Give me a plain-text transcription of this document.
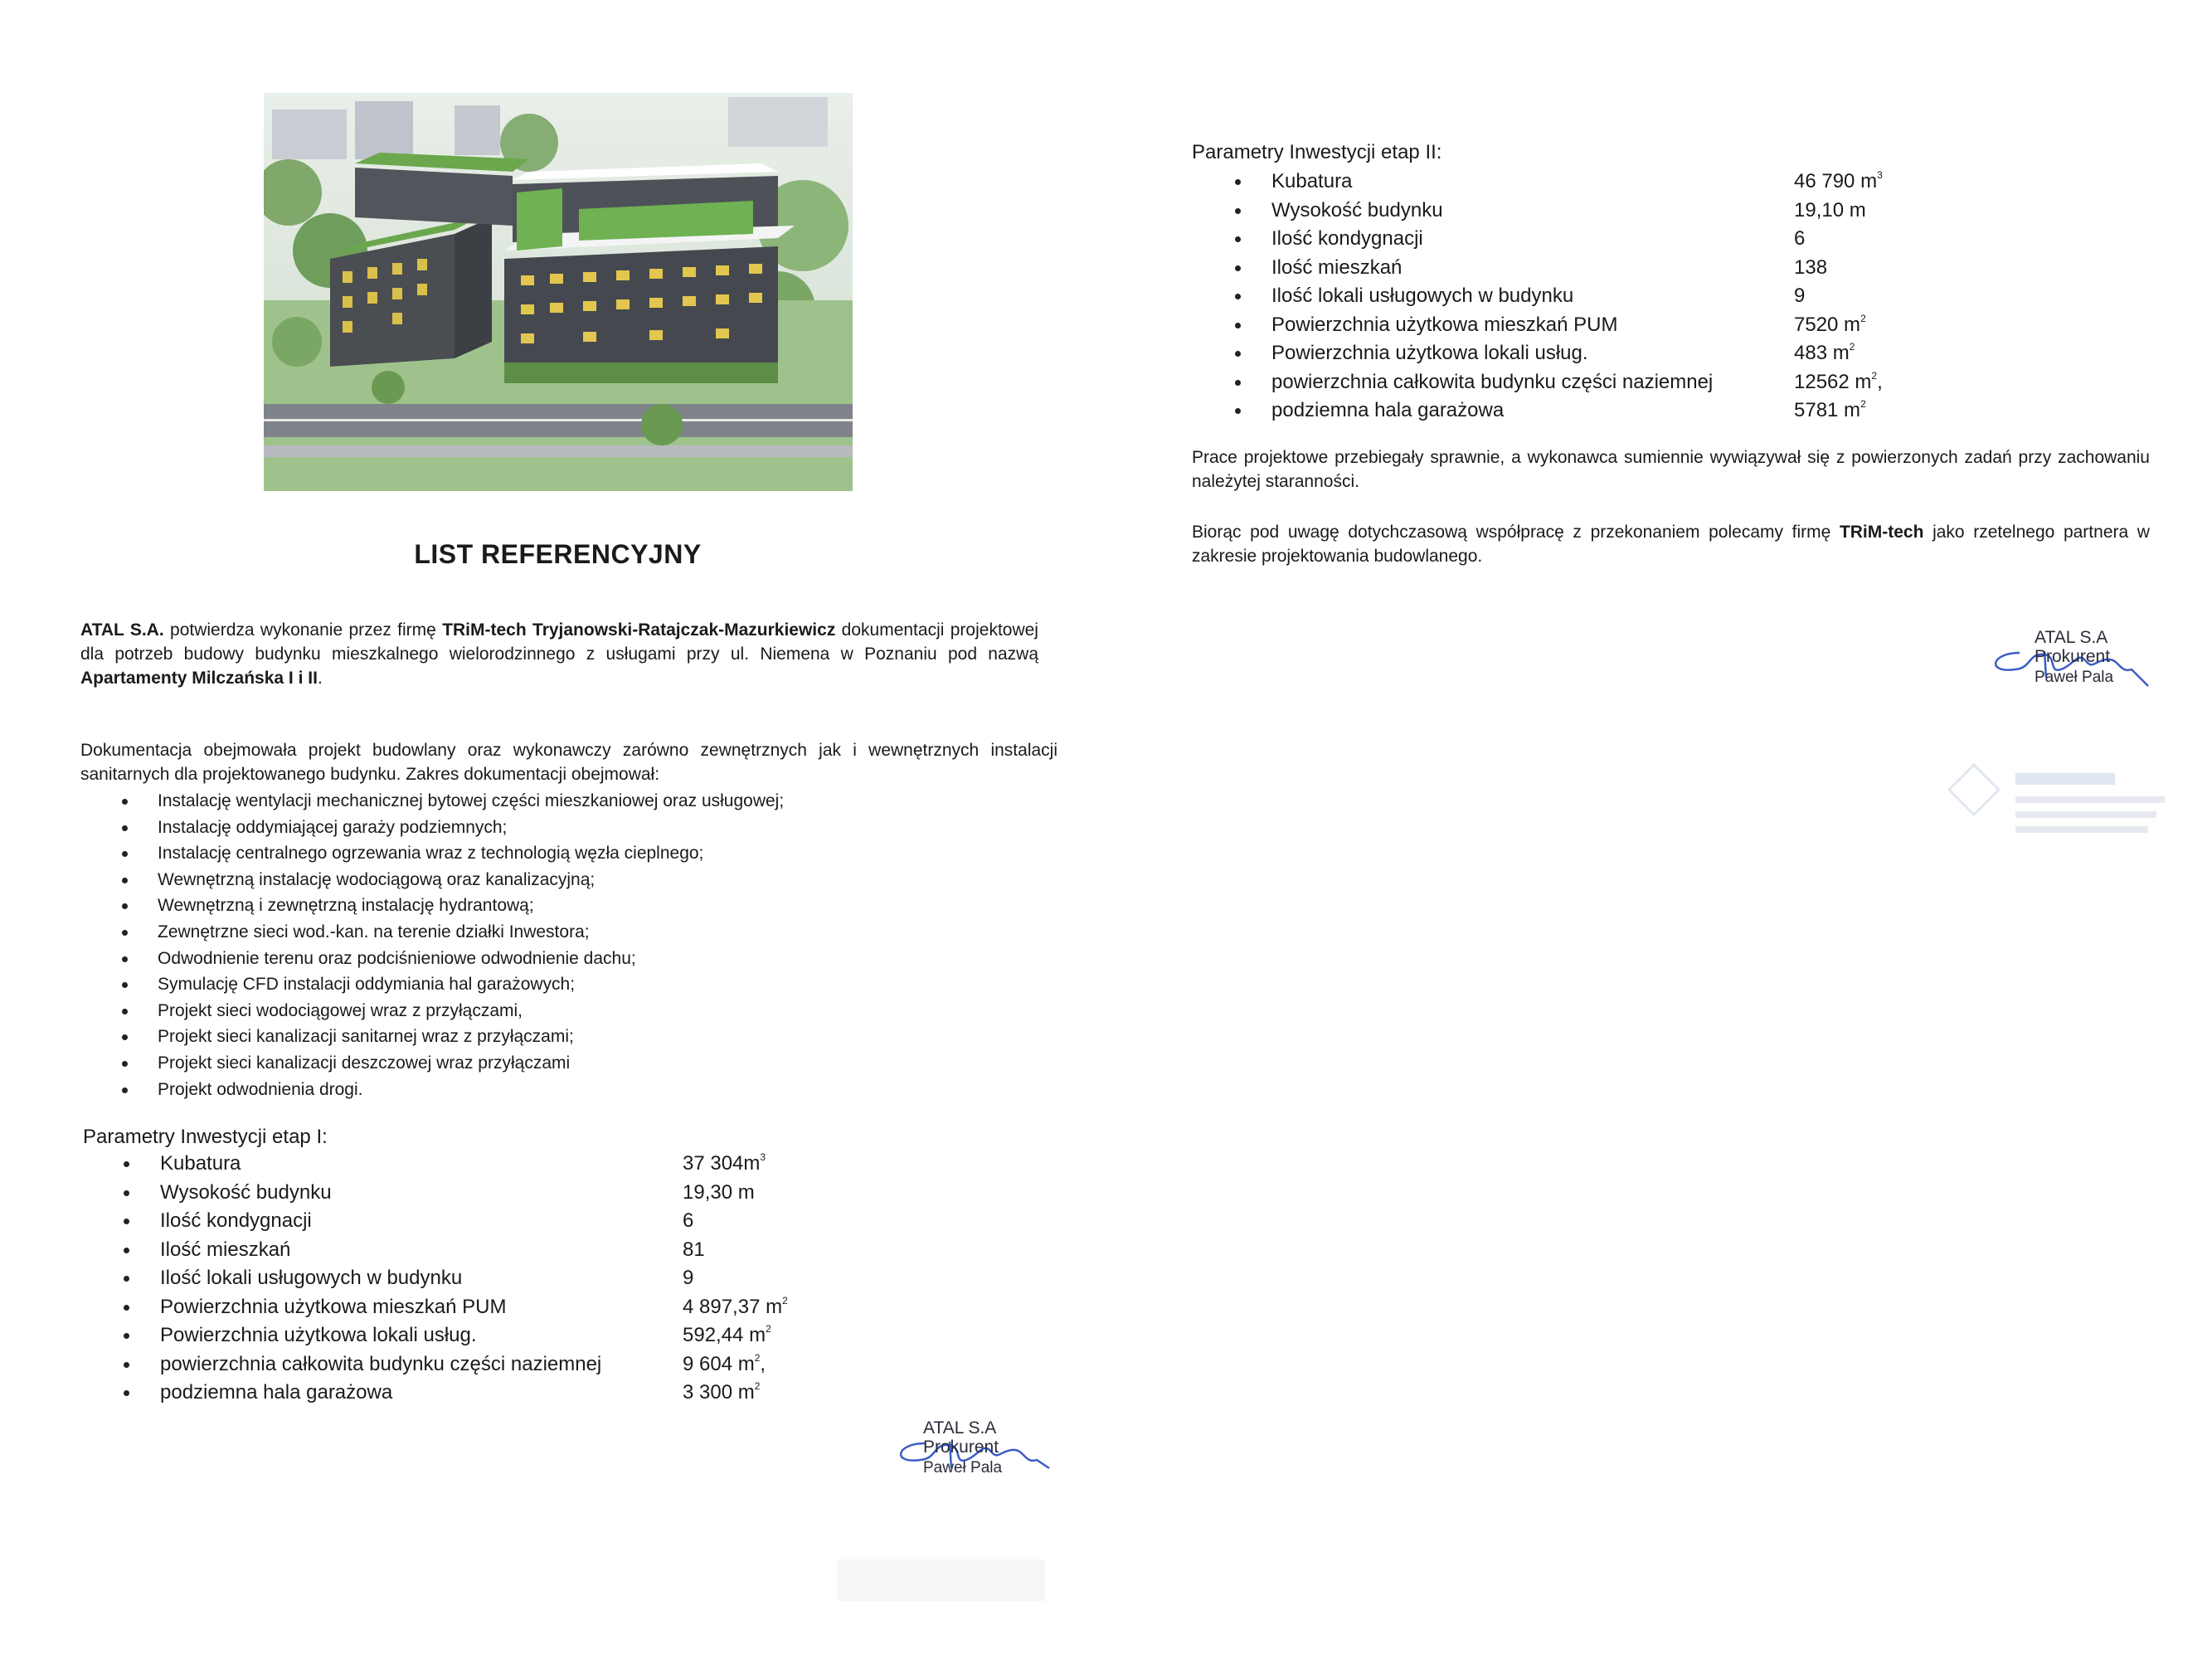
LIST REFERENCYJNY
ATAL S.A. potwierdza wykonanie przez firmę TRiM-tech Tryjanowski-Ratajczak-Mazurkiewicz dokumentacji projektowej dla potrzeb budowy budynku mieszkalnego wielorodzinnego z usługami przy ul. Niemena w Poznaniu pod nazwą Apartamenty Milczańska I i II.
Dokumentacja obejmowała projekt budowlany oraz wykonawczy zarówno zewnętrznych jak i wewnętrznych instalacji sanitarnych dla projektowanego budynku. Zakres dokumentacji obejmował:
Instalację wentylacji mechanicznej bytowej części mieszkaniowej oraz usługowej;
Instalację oddymiającej garaży podziemnych;
Instalację centralnego ogrzewania wraz z technologią węzła cieplnego;
Wewnętrzną instalację wodociągową oraz kanalizacyjną;
Wewnętrzną i zewnętrzną instalację hydrantową;
Zewnętrzne sieci wod.-kan. na terenie działki Inwestora;
Odwodnienie terenu oraz podciśnieniowe odwodnienie dachu;
Symulację CFD instalacji oddymiania hal garażowych;
Projekt sieci wodociągowej wraz z przyłączami,
Projekt sieci kanalizacji sanitarnej wraz z przyłączami;
Projekt sieci kanalizacji deszczowej wraz przyłączami
Projekt odwodnienia drogi.
Parametry Inwestycji etap I:
	Kubatura	37 $304m^3$

	Wysokość budynku	19,30 m

	Ilość kondygnacji	6

	Ilość mieszkań	81

	Ilość lokali usługowych w budynku	9

	Powierzchnia użytkowa mieszkań PUM	4 897,37 $m^2$

	Powierzchnia użytkowa lokali usług.	592,44 $m^2$

	powierzchnia całkowita budynku części naziemnej	9 604 $m^2$,

	podziemna hala garażowa	3 300 $m^2$
Parametry Inwestycji etap II:
	Kubatura	46 790 $m^3$

	Wysokość budynku	19,10 m

	Ilość kondygnacji	6

	Ilość mieszkań	138

	Ilość lokali usługowych w budynku	9

	Powierzchnia użytkowa mieszkań PUM	7520 $m^2$

	Powierzchnia użytkowa lokali usług.	483 $m^2$

	powierzchnia całkowita budynku części naziemnej	12562 $m^2$,

	podziemna hala garażowa	5781 $m^2$
Prace projektowe przebiegały sprawnie, a wykonawca sumiennie wywiązywał się z powierzonych zadań przy zachowaniu należytej staranności.
Biorąc pod uwagę dotychczasową współpracę z przekonaniem polecamy firmę TRiM-tech jako rzetelnego partnera w zakresie projektowania budowlanego.
ATAL S.A
Prokurent
Paweł Pala
ATAL S.A
Prokurent
Paweł Pala
